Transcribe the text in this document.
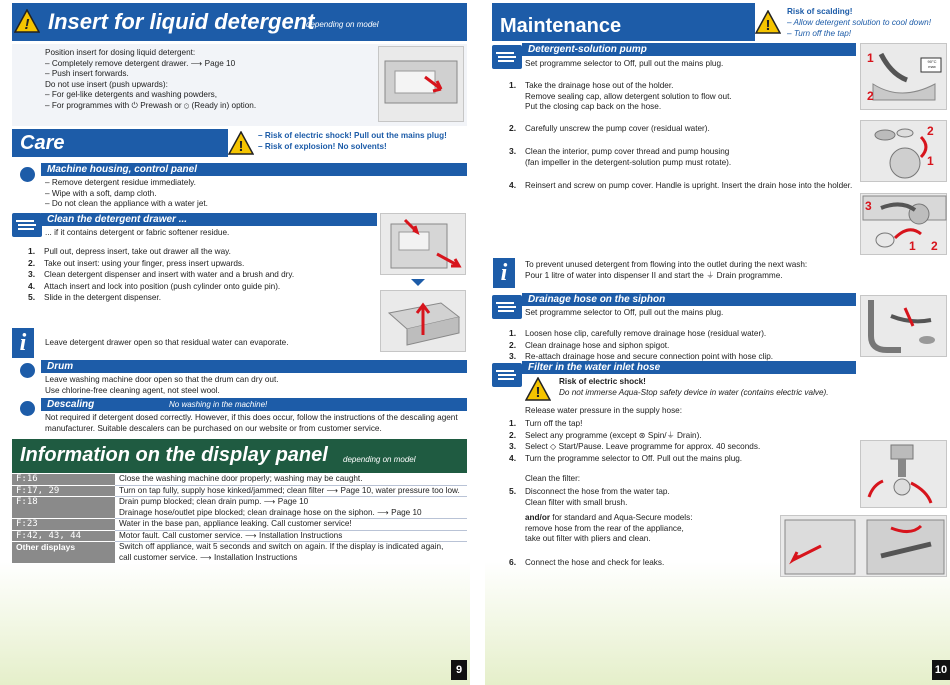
! Insert for liquid detergent
depending on model
Position insert for dosing liquid detergent:
– Completely remove detergent drawer. ⟶ Page 10
– Push insert forwards.
Do not use insert (push upwards):
– For gel-like detergents and washing powders,
– For programmes with ⏻ Prewash or ⊙ (Ready in) option.
Care	!
– Risk of electric shock! Pull out the mains plug!
– Risk of explosion! No solvents!
Machine housing, control panel
– Remove detergent residue immediately.
– Wipe with a soft, damp cloth.
– Do not clean the appliance with a water jet.
Clean the detergent drawer ...
... if it contains detergent or fabric softener residue.
1. Pull out, depress insert, take out drawer all the way.
2. Take out insert: using your finger, press insert upwards.
3. Clean detergent dispenser and insert with water and a brush and dry.
4. Attach insert and lock into position (push cylinder onto guide pin).
5. Slide in the detergent dispenser.
i	Leave detergent drawer open so that residual water can evaporate.
Drum
Leave washing machine door open so that the drum can dry out.
Use chlorine-free cleaning agent, not steel wool.
Descaling	No washing in the machine!
Not required if detergent dosed correctly. However, if this does occur, follow the instructions of the descaling agent
manufacturer. Suitable descalers can be purchased on our website or from customer service.
Information on the display panel depending on model
F:16	Close the washing machine door properly; washing may be caught.

F:17, 29	Turn on tap fully, supply hose kinked/jammed; clean filter ⟶ Page 10, water pressure too low.

F:18	Drain pump blocked; clean drain pump. ⟶ Page 10
Drainage hose/outlet pipe blocked; clean drainage hose on the siphon. ⟶ Page 10

F:23	Water in the base pan, appliance leaking. Call customer service!

F:42, 43, 44	Motor fault. Call customer service. ⟶ Installation Instructions

Other displays	Switch off appliance, wait 5 seconds and switch on again. If the display is indicated again,
call customer service. ⟶ Installation Instructions
9
Maintenance	!
Risk of scalding!
– Allow detergent solution to cool down!
– Turn off the tap!
Detergent-solution pump
Set programme selector to Off, pull out the mains plug.
1. Take the drainage hose out of the holder.
Remove sealing cap, allow detergent solution to flow out.
Put the closing cap back on the hose.
2. Carefully unscrew the pump cover (residual water).
3. Clean the interior, pump cover thread and pump housing
(fan impeller in the detergent-solution pump must rotate).
4. Reinsert and screw on pump cover. Handle is upright. Insert the drain hose into the holder.
1
2
90°C max
2
1
3
1 2
i	To prevent unused detergent from flowing into the outlet during the next wash:
Pour 1 litre of water into dispenser II and start the ⏚ Drain programme.
Drainage hose on the siphon
Set programme selector to Off, pull out the mains plug.
1. Loosen hose clip, carefully remove drainage hose (residual water).
2. Clean drainage hose and siphon spigot.
3. Re-attach drainage hose and secure connection point with hose clip.
Filter in the water inlet hose
!
Risk of electric shock!
Do not immerse Aqua-Stop safety device in water (contains electric valve).
Release water pressure in the supply hose:
1. Turn off the tap!
2. Select any programme (except ⊛ Spin/⏚ Drain).
3. Select ◇ Start/Pause. Leave programme for approx. 40 seconds.
4. Turn the programme selector to Off. Pull out the mains plug.
Clean the filter:
5. Disconnect the hose from the water tap.
Clean filter with small brush.
and/or for standard and Aqua-Secure models:
remove hose from the rear of the appliance,
take out filter with pliers and clean.
6. Connect the hose and check for leaks.
10
